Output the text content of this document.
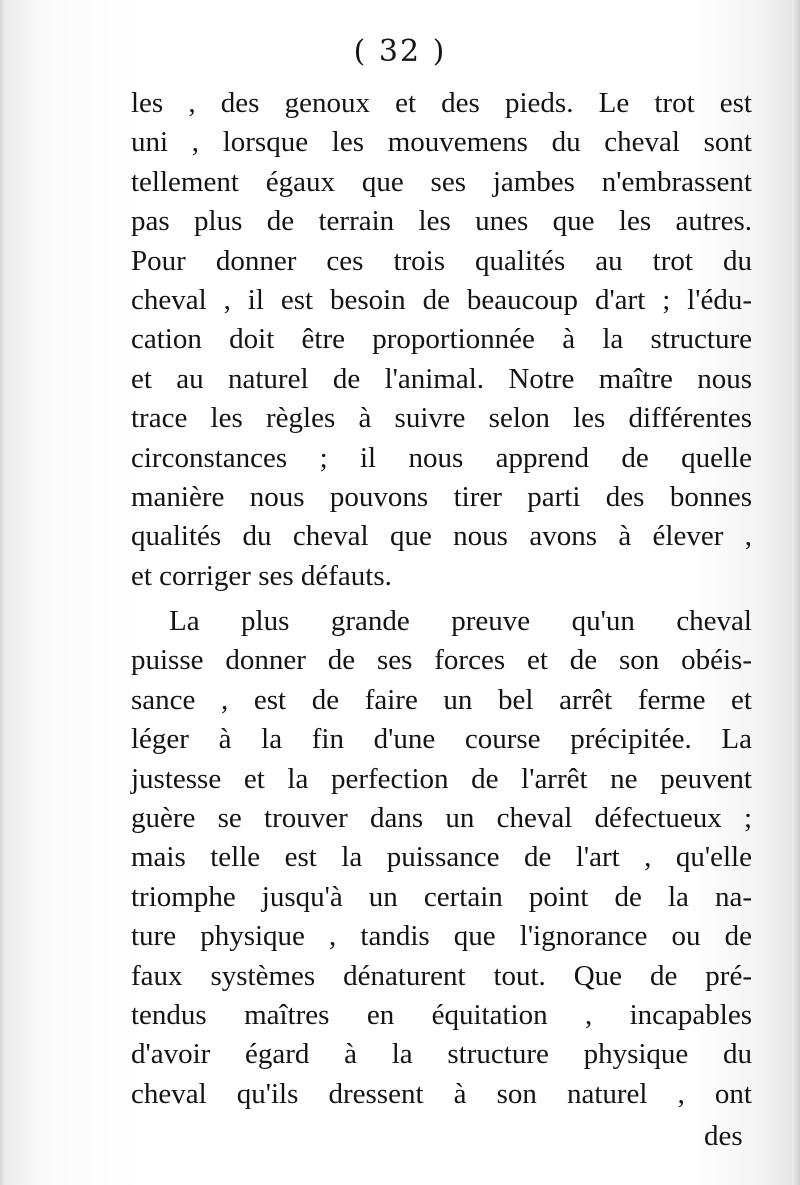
( 32 )
les , des genoux et des pieds. Le trot est
uni , lorsque les mouvemens du cheval sont
tellement égaux que ses jambes n'embrassent
pas plus de terrain les unes que les autres.
Pour donner ces trois qualités au trot du
cheval , il est besoin de beaucoup d'art ; l'édu-
cation doit être proportionnée à la structure
et au naturel de l'animal. Notre maître nous
trace les règles à suivre selon les différentes
circonstances ; il nous apprend de quelle
manière nous pouvons tirer parti des bonnes
qualités du cheval que nous avons à élever ,
et corriger ses défauts.
La plus grande preuve qu'un cheval
puisse donner de ses forces et de son obéis-
sance , est de faire un bel arrêt ferme et
léger à la fin d'une course précipitée. La
justesse et la perfection de l'arrêt ne peuvent
guère se trouver dans un cheval défectueux ;
mais telle est la puissance de l'art , qu'elle
triomphe jusqu'à un certain point de la na-
ture physique , tandis que l'ignorance ou de
faux systèmes dénaturent tout. Que de pré-
tendus maîtres en équitation , incapables
d'avoir égard à la structure physique du
cheval qu'ils dressent à son naturel , ont
des
